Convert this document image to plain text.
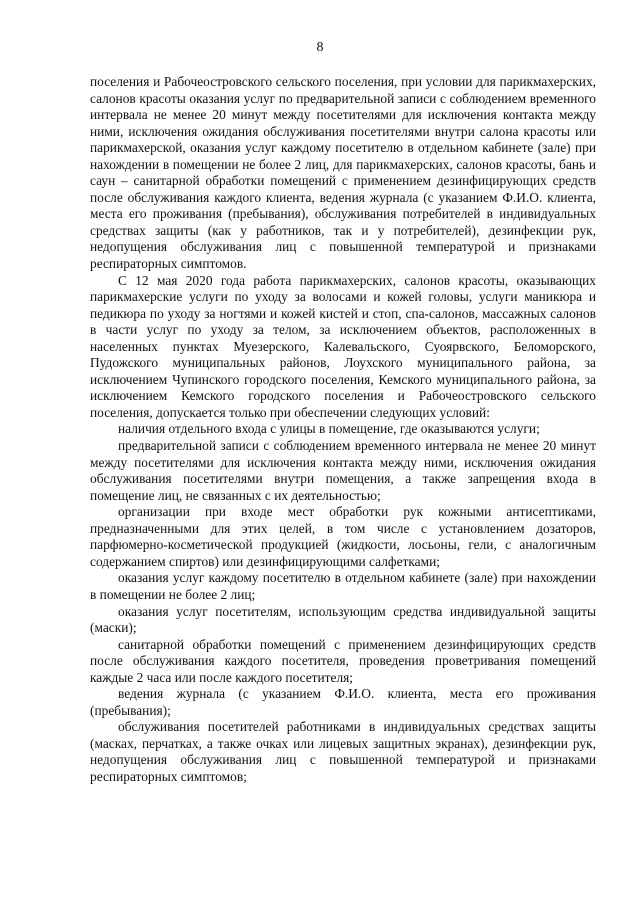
8

поселения и Рабочеостровского сельского поселения, при условии для парикмахерских, салонов красоты оказания услуг по предварительной записи с соблюдением временного интервала не менее 20 минут между посетителями для исключения контакта между ними, исключения ожидания обслуживания посетителями внутри салона красоты или парикмахерской, оказания услуг каждому посетителю в отдельном кабинете (зале) при нахождении в помещении не более 2 лиц, для парикмахерских, салонов красоты, бань и саун – санитарной обработки помещений с применением дезинфицирующих средств после обслуживания каждого клиента, ведения журнала (с указанием Ф.И.О. клиента, места его проживания (пребывания), обслуживания потребителей в индивидуальных средствах защиты (как у работников, так и у потребителей), дезинфекции рук, недопущения обслуживания лиц с повышенной температурой и признаками респираторных симптомов.

С 12 мая 2020 года работа парикмахерских, салонов красоты, оказывающих парикмахерские услуги по уходу за волосами и кожей головы, услуги маникюра и педикюра по уходу за ногтями и кожей кистей и стоп, спа-салонов, массажных салонов в части услуг по уходу за телом, за исключением объектов, расположенных в населенных пунктах Муезерского, Калевальского, Суоярвского, Беломорского, Пудожского муниципальных районов, Лоухского муниципального района, за исключением Чупинского городского поселения, Кемского муниципального района, за исключением Кемского городского поселения и Рабочеостровского сельского поселения, допускается только при обеспечении следующих условий:

наличия отдельного входа с улицы в помещение, где оказываются услуги;

предварительной записи с соблюдением временного интервала не менее 20 минут между посетителями для исключения контакта между ними, исключения ожидания обслуживания посетителями внутри помещения, а также запрещения входа в помещение лиц, не связанных с их деятельностью;

организации при входе мест обработки рук кожными антисептиками, предназначенными для этих целей, в том числе с установлением дозаторов, парфюмерно-косметической продукцией (жидкости, лосьоны, гели, с аналогичным содержанием спиртов) или дезинфицирующими салфетками;

оказания услуг каждому посетителю в отдельном кабинете (зале) при нахождении в помещении не более 2 лиц;

оказания услуг посетителям, использующим средства индивидуальной защиты (маски);

санитарной обработки помещений с применением дезинфицирующих средств после обслуживания каждого посетителя, проведения проветривания помещений каждые 2 часа или после каждого посетителя;

ведения журнала (с указанием Ф.И.О. клиента, места его проживания (пребывания);

обслуживания посетителей работниками в индивидуальных средствах защиты (масках, перчатках, а также очках или лицевых защитных экранах), дезинфекции рук, недопущения обслуживания лиц с повышенной температурой и признаками респираторных симптомов;
